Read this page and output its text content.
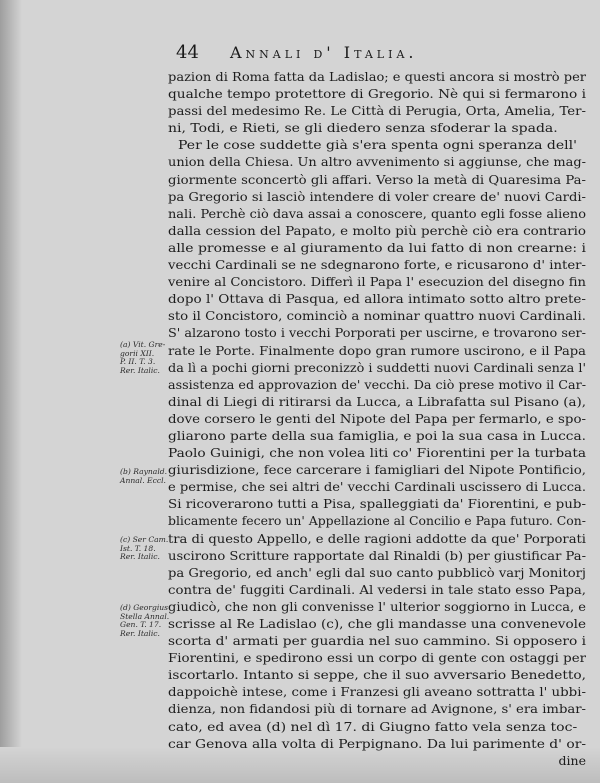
44 Annali d' Italia.
(a) Vit. Gre-
gorii XII.
P. II. T. 3.
Rer. Italic.
(b) Raynald.
Annal. Eccl.
(c) Ser Cam.
Ist. T. 18.
Rer. Italic.
(d) Georgius
Stella Annal.
Gen. T. 17.
Rer. Italic.
pazion di Roma fatta da Ladislao; e questi ancora si mostrò per
qualche tempo protettore di Gregorio. Nè qui si fermarono i
passi del medesimo Re. Le Città di Perugia, Orta, Amelia, Ter-
ni, Todi, e Rieti, se gli diedero senza sfoderar la spada.
Per le cose suddette già s'era spenta ogni speranza dell'
union della Chiesa. Un altro avvenimento si aggiunse, che mag-
giormente sconcertò gli affari. Verso la metà di Quaresima Pa-
pa Gregorio si lasciò intendere di voler creare de' nuovi Cardi-
nali. Perchè ciò dava assai a conoscere, quanto egli fosse alieno
dalla cession del Papato, e molto più perchè ciò era contrario
alle promesse e al giuramento da lui fatto di non crearne: i
vecchi Cardinali se ne sdegnarono forte, e ricusarono d' inter-
venire al Concistoro. Differì il Papa l' esecuzion del disegno fin
dopo l' Ottava di Pasqua, ed allora intimato sotto altro prete-
sto il Concistoro, cominciò a nominar quattro nuovi Cardinali.
S' alzarono tosto i vecchi Porporati per uscirne, e trovarono ser-
rate le Porte. Finalmente dopo gran rumore uscirono, e il Papa
da lì a pochi giorni preconizzò i suddetti nuovi Cardinali senza l'
assistenza ed approvazion de' vecchi. Da ciò prese motivo il Car-
dinal di Liegi di ritirarsi da Lucca, a Librafatta sul Pisano (a),
dove corsero le genti del Nipote del Papa per fermarlo, e spo-
gliarono parte della sua famiglia, e poi la sua casa in Lucca.
Paolo Guinigi, che non volea liti co' Fiorentini per la turbata
giurisdizione, fece carcerare i famigliari del Nipote Pontificio,
e permise, che sei altri de' vecchi Cardinali uscissero di Lucca.
Si ricoverarono tutti a Pisa, spalleggiati da' Fiorentini, e pub-
blicamente fecero un' Appellazione al Concilio e Papa futuro. Con-
tra di questo Appello, e delle ragioni addotte da que' Porporati
uscirono Scritture rapportate dal Rinaldi (b) per giustificar Pa-
pa Gregorio, ed anch' egli dal suo canto pubblicò varj Monitorj
contra de' fuggiti Cardinali. Al vedersi in tale stato esso Papa,
giudicò, che non gli convenisse l' ulterior soggiorno in Lucca, e
scrisse al Re Ladislao (c), che gli mandasse una convenevole
scorta d' armati per guardia nel suo cammino. Si opposero i
Fiorentini, e spedirono essi un corpo di gente con ostaggi per
iscortarlo. Intanto si seppe, che il suo avversario Benedetto,
dappoichè intese, come i Franzesi gli aveano sottratta l' ubbi-
dienza, non fidandosi più di tornare ad Avignone, s' era imbar-
cato, ed avea (d) nel dì 17. di Giugno fatto vela senza toc-
car Genova alla volta di Perpignano. Da lui parimente d' or-
dine
